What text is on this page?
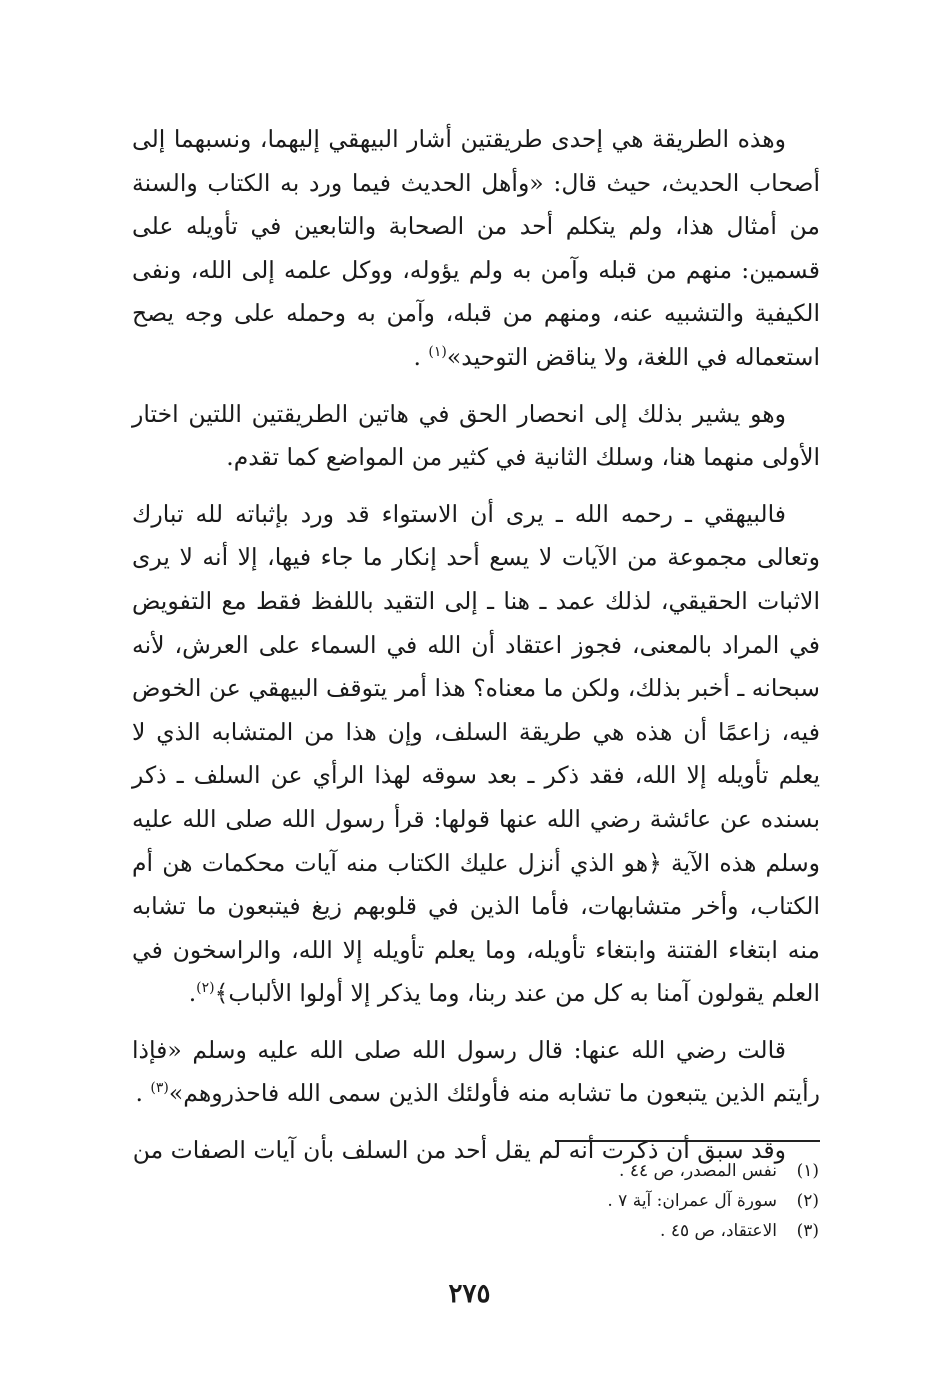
وهذه الطريقة هي إحدى طريقتين أشار البيهقي إليهما، ونسبهما إلى أصحاب الحديث، حيث قال: «وأهل الحديث فيما ورد به الكتاب والسنة من أمثال هذا، ولم يتكلم أحد من الصحابة والتابعين في تأويله على قسمين: منهم من قبله وآمن به ولم يؤوله، ووكل علمه إلى الله، ونفى الكيفية والتشبيه عنه، ومنهم من قبله، وآمن به وحمله على وجه يصح استعماله في اللغة، ولا يناقض التوحيد»$^{(١)}$ .

وهو يشير بذلك إلى انحصار الحق في هاتين الطريقتين اللتين اختار الأولى منهما هنا، وسلك الثانية في كثير من المواضع كما تقدم.

فالبيهقي ـ رحمه الله ـ يرى أن الاستواء قد ورد بإثباته لله تبارك وتعالى مجموعة من الآيات لا يسع أحد إنكار ما جاء فيها، إلا أنه لا يرى الاثبات الحقيقي، لذلك عمد ـ هنا ـ إلى التقيد باللفظ فقط مع التفويض في المراد بالمعنى، فجوز اعتقاد أن الله في السماء على العرش، لأنه سبحانه ـ أخبر بذلك، ولكن ما معناه؟ هذا أمر يتوقف البيهقي عن الخوض فيه، زاعمًا أن هذه هي طريقة السلف، وإن هذا من المتشابه الذي لا يعلم تأويله إلا الله، فقد ذكر ـ بعد سوقه لهذا الرأي عن السلف ـ ذكر بسنده عن عائشة رضي الله عنها قولها: قرأ رسول الله صلى الله عليه وسلم هذه الآية ﴿هو الذي أنزل عليك الكتاب منه آيات محكمات هن أم الكتاب، وأخر متشابهات، فأما الذين في قلوبهم زيغ فيتبعون ما تشابه منه ابتغاء الفتنة وابتغاء تأويله، وما يعلم تأويله إلا الله، والراسخون في العلم يقولون آمنا به كل من عند ربنا، وما يذكر إلا أولوا الألباب﴾$^{(٢)}$.

قالت رضي الله عنها: قال رسول الله صلى الله عليه وسلم «فإذا رأيتم الذين يتبعون ما تشابه منه فأولئك الذين سمى الله فاحذروهم»$^{(٣)}$ .

وقد سبق أن ذكرت أنه لم يقل أحد من السلف بأن آيات الصفات من

(١)
نفس المصدر، ص ٤٤ .
(٢)
سورة آل عمران: آية ٧ .
(٣)
الاعتقاد، ص ٤٥ .
٢٧٥
